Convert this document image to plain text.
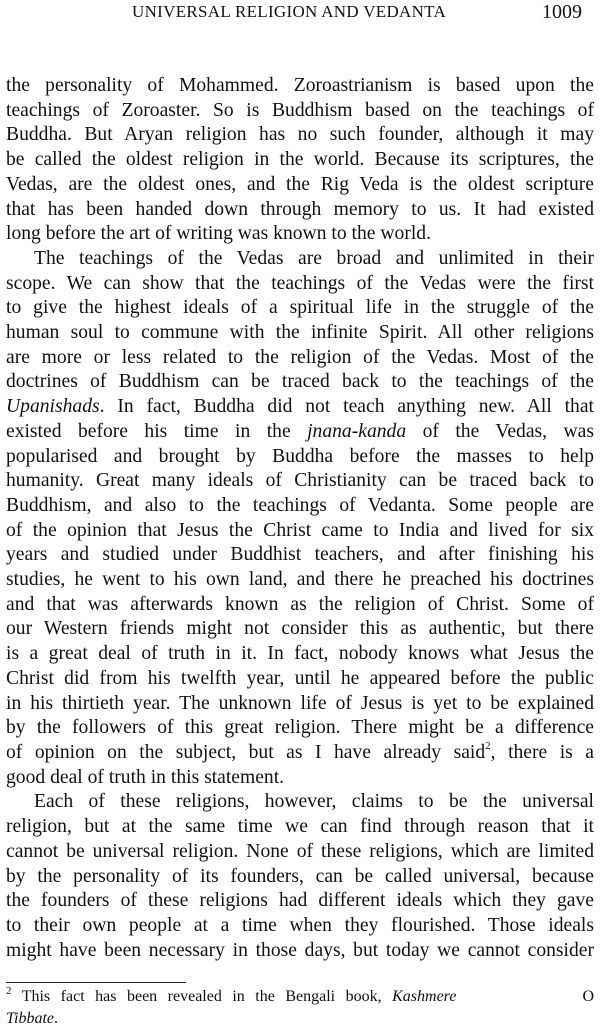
UNIVERSAL RELIGION AND VEDANTA	1009
the personality of Mohammed. Zoroastrianism is based upon the
teachings of Zoroaster. So is Buddhism based on the teachings of
Buddha. But Aryan religion has no such founder, although it may
be called the oldest religion in the world. Because its scriptures, the
Vedas, are the oldest ones, and the Rig Veda is the oldest scripture
that has been handed down through memory to us. It had existed
long before the art of writing was known to the world.
The teachings of the Vedas are broad and unlimited in their
scope. We can show that the teachings of the Vedas were the first
to give the highest ideals of a spiritual life in the struggle of the
human soul to commune with the infinite Spirit. All other religions
are more or less related to the religion of the Vedas. Most of the
doctrines of Buddhism can be traced back to the teachings of the
Upanishads. In fact, Buddha did not teach anything new. All that
existed before his time in the jnana-kanda of the Vedas, was
popularised and brought by Buddha before the masses to help
humanity. Great many ideals of Christianity can be traced back to
Buddhism, and also to the teachings of Vedanta. Some people are
of the opinion that Jesus the Christ came to India and lived for six
years and studied under Buddhist teachers, and after finishing his
studies, he went to his own land, and there he preached his doctrines
and that was afterwards known as the religion of Christ. Some of
our Western friends might not consider this as authentic, but there
is a great deal of truth in it. In fact, nobody knows what Jesus the
Christ did from his twelfth year, until he appeared before the public
in his thirtieth year. The unknown life of Jesus is yet to be explained
by the followers of this great religion. There might be a difference
of opinion on the subject, but as I have already said$^2$, there is a
good deal of truth in this statement.
Each of these religions, however, claims to be the universal
religion, but at the same time we can find through reason that it
cannot be universal religion. None of these religions, which are limited
by the personality of its founders, can be called universal, because
the founders of these religions had different ideals which they gave
to their own people at a time when they flourished. Those ideals
might have been necessary in those days, but today we cannot consider
$^2$ This fact has been revealed in the Bengali book, Kashmere	O
Tibbate.
